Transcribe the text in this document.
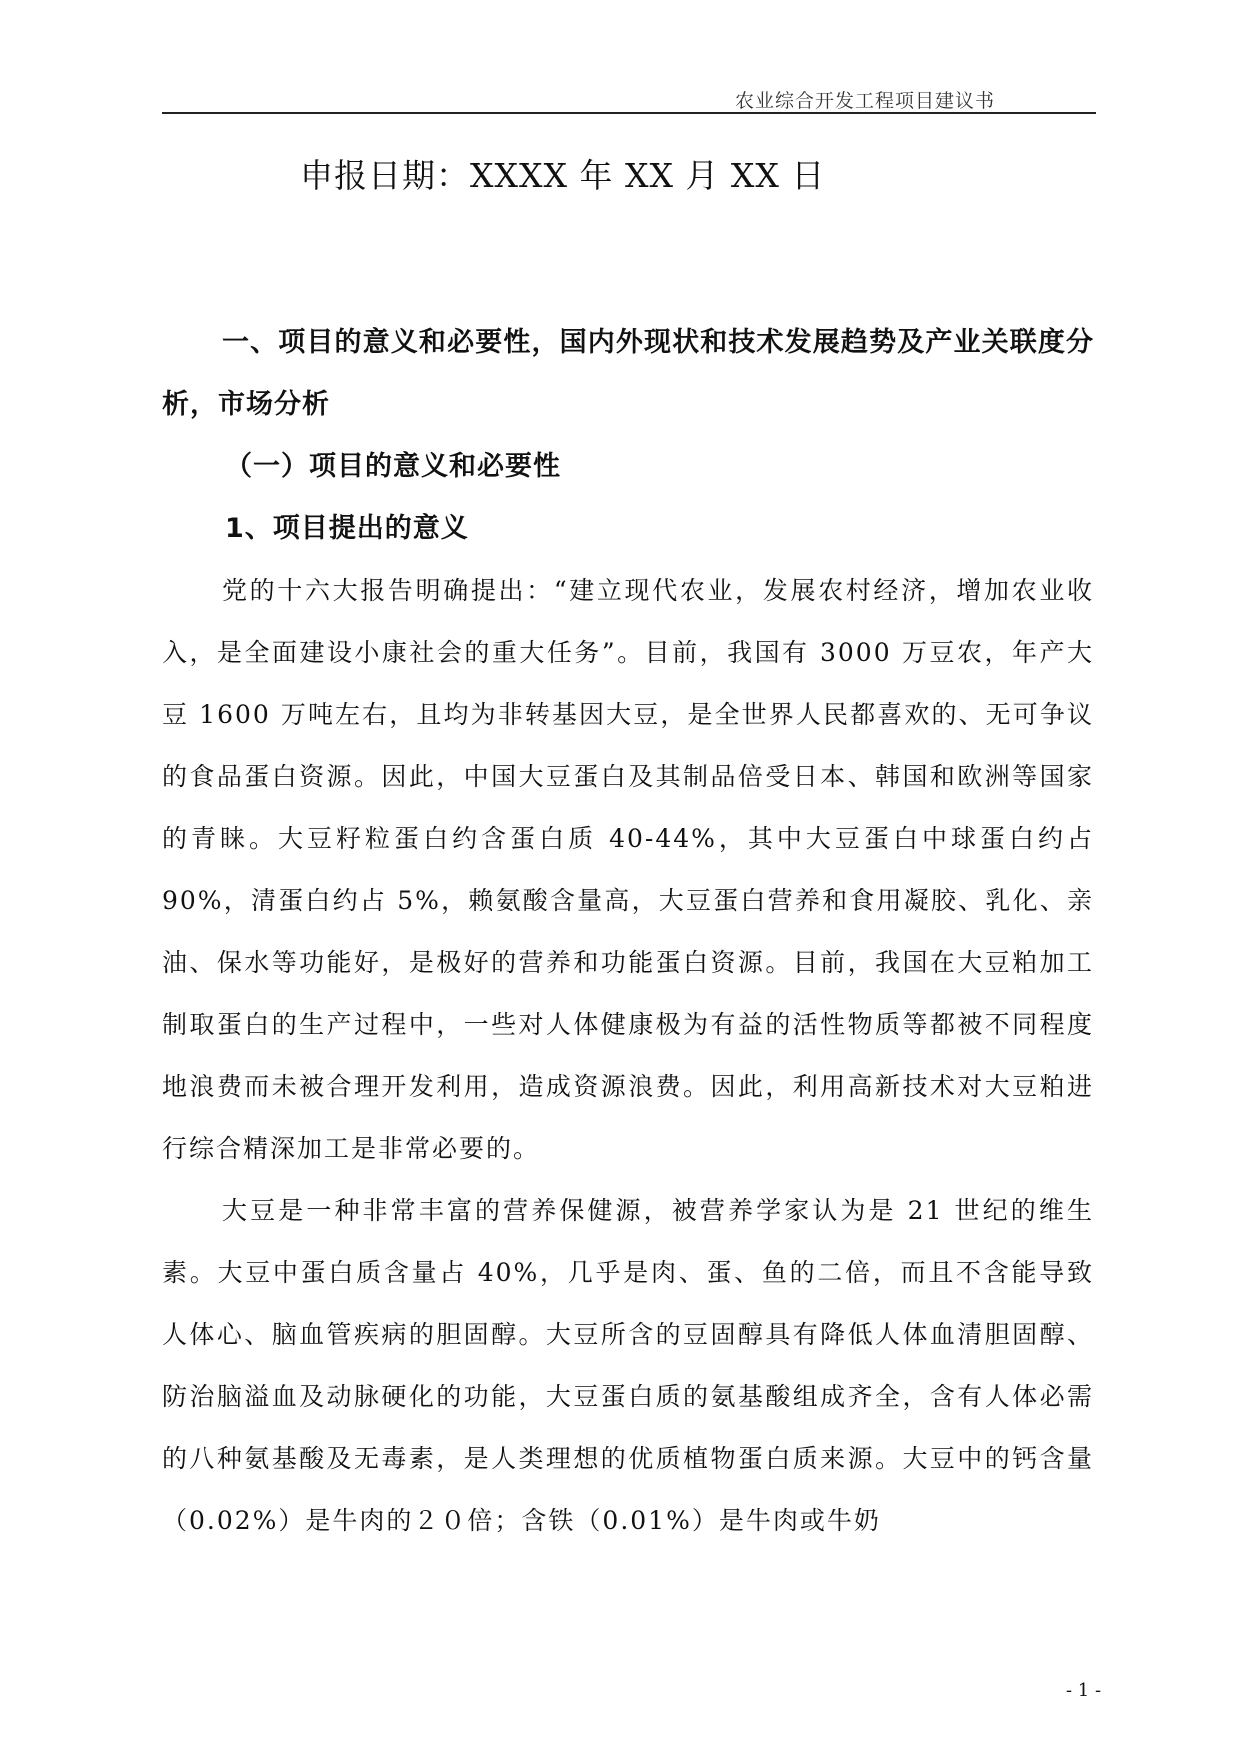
农业综合开发工程项目建议书
申报日期：XXXX 年 XX 月 XX 日

一、项目的意义和必要性，国内外现状和技术发展趋势及产业关联度分析，市场分析

（一）项目的意义和必要性

1、项目提出的意义

党的十六大报告明确提出：“建立现代农业，发展农村经济，增加农业收入，是全面建设小康社会的重大任务”。目前，我国有 3000 万豆农，年产大豆 1600 万吨左右，且均为非转基因大豆，是全世界人民都喜欢的、无可争议的食品蛋白资源。因此，中国大豆蛋白及其制品倍受日本、韩国和欧洲等国家的青睐。大豆籽粒蛋白约含蛋白质 40-44%，其中大豆蛋白中球蛋白约占 90%，清蛋白约占 5%，赖氨酸含量高，大豆蛋白营养和食用凝胶、乳化、亲油、保水等功能好，是极好的营养和功能蛋白资源。目前，我国在大豆粕加工制取蛋白的生产过程中，一些对人体健康极为有益的活性物质等都被不同程度地浪费而未被合理开发利用，造成资源浪费。因此，利用高新技术对大豆粕进行综合精深加工是非常必要的。

大豆是一种非常丰富的营养保健源，被营养学家认为是 21 世纪的维生素。大豆中蛋白质含量占 40%，几乎是肉、蛋、鱼的二倍，而且不含能导致人体心、脑血管疾病的胆固醇。大豆所含的豆固醇具有降低人体血清胆固醇、防治脑溢血及动脉硬化的功能，大豆蛋白质的氨基酸组成齐全，含有人体必需的八种氨基酸及无毒素，是人类理想的优质植物蛋白质来源。大豆中的钙含量（0.02%）是牛肉的２０倍；含铁（0.01%）是牛肉或牛奶

- 1 -
